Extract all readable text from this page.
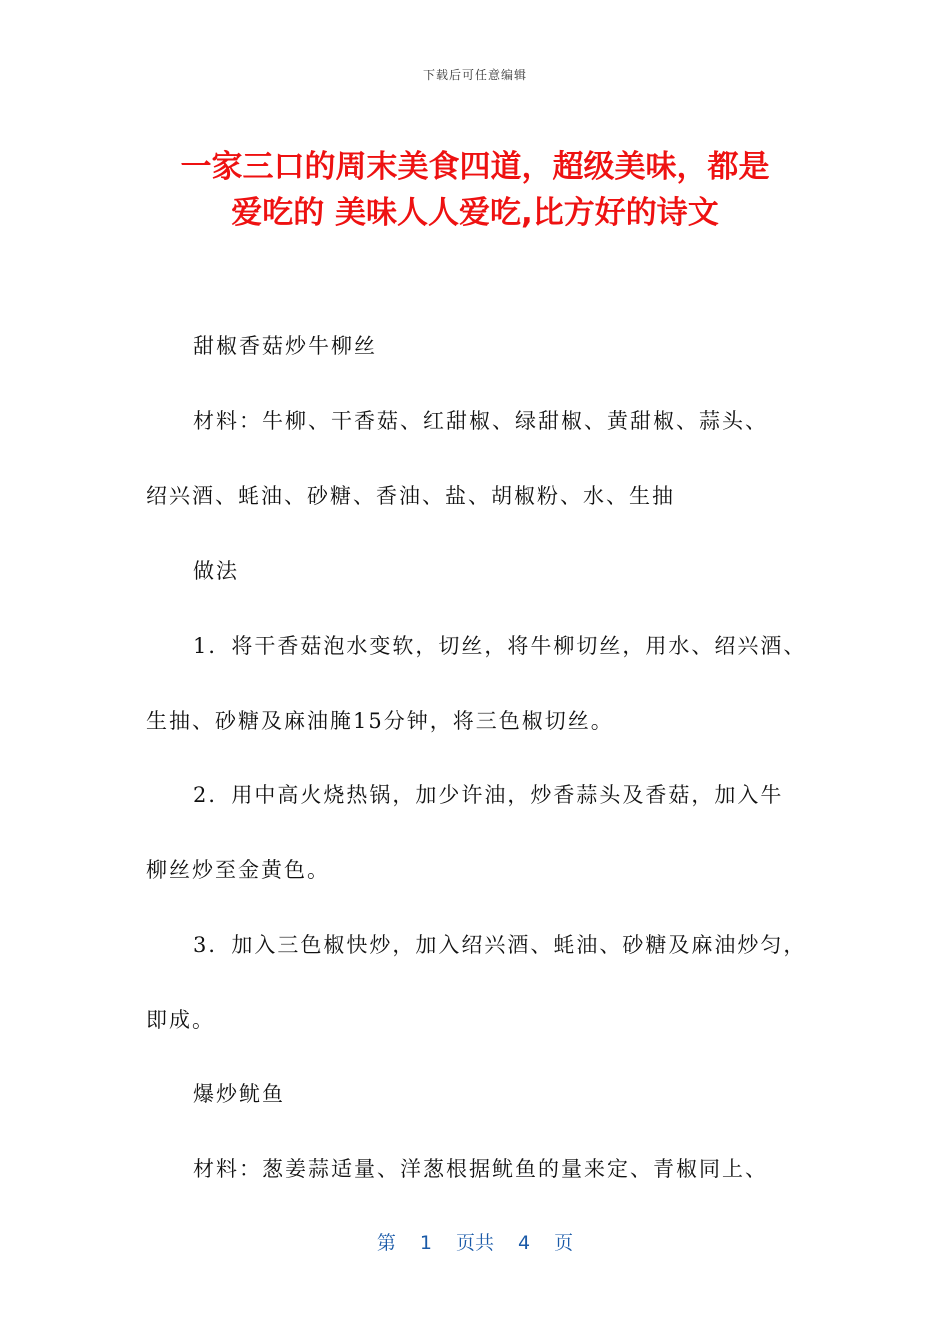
下载后可任意编辑
一家三口的周末美食四道，超级美味，都是
爱吃的 美味人人爱吃,比方好的诗文
甜椒香菇炒牛柳丝
材料：牛柳、干香菇、红甜椒、绿甜椒、黄甜椒、蒜头、
绍兴酒、蚝油、砂糖、香油、盐、胡椒粉、水、生抽
做法
1．将干香菇泡水变软，切丝，将牛柳切丝，用水、绍兴酒、
生抽、砂糖及麻油腌15分钟，将三色椒切丝。
2．用中高火烧热锅，加少许油，炒香蒜头及香菇，加入牛
柳丝炒至金黄色。
3．加入三色椒快炒，加入绍兴酒、蚝油、砂糖及麻油炒匀，
即成。
爆炒鱿鱼
材料：葱姜蒜适量、洋葱根据鱿鱼的量来定、青椒同上、
第 1 页共 4 页
